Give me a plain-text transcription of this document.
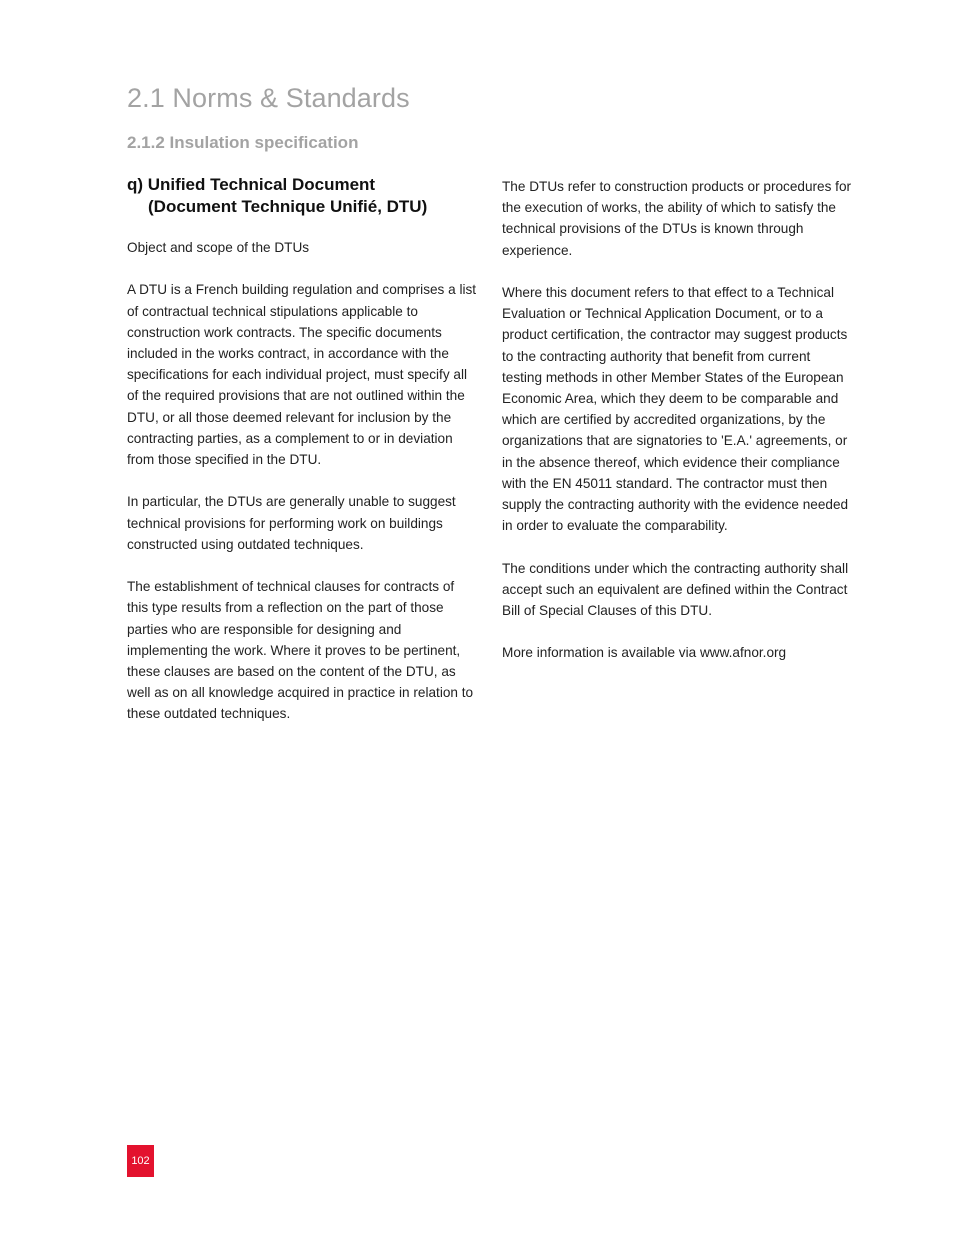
2.1 Norms & Standards
2.1.2 Insulation specification
q) Unified Technical Document
(Document Technique Unifié, DTU)

Object and scope of the DTUs

A DTU is a French building regulation and comprises a list of contractual technical stipulations applicable to construction work contracts. The specific documents included in the works contract, in accordance with the specifications for each individual project, must specify all of the required provisions that are not outlined within the DTU, or all those deemed relevant for inclusion by the contracting parties, as a complement to or in deviation from those specified in the DTU.

In particular, the DTUs are generally unable to suggest technical provisions for performing work on buildings constructed using outdated techniques.

The establishment of technical clauses for contracts of this type results from a reflection on the part of those parties who are responsible for designing and implementing the work. Where it proves to be pertinent, these clauses are based on the content of the DTU, as well as on all knowledge acquired in practice in relation to these outdated techniques.

The DTUs refer to construction products or procedures for the execution of works, the ability of which to satisfy the technical provisions of the DTUs is known through experience.

Where this document refers to that effect to a Technical Evaluation or Technical Application Document, or to a product certification, the contractor may suggest products to the contracting authority that benefit from current testing methods in other Member States of the European Economic Area, which they deem to be comparable and which are certified by accredited organizations, by the organizations that are signatories to 'E.A.' agreements, or in the absence thereof, which evidence their compliance with the EN 45011 standard. The contractor must then supply the contracting authority with the evidence needed in order to evaluate the comparability.

The conditions under which the contracting authority shall accept such an equivalent are defined within the Contract Bill of Special Clauses of this DTU.

More information is available via www.afnor.org

102
